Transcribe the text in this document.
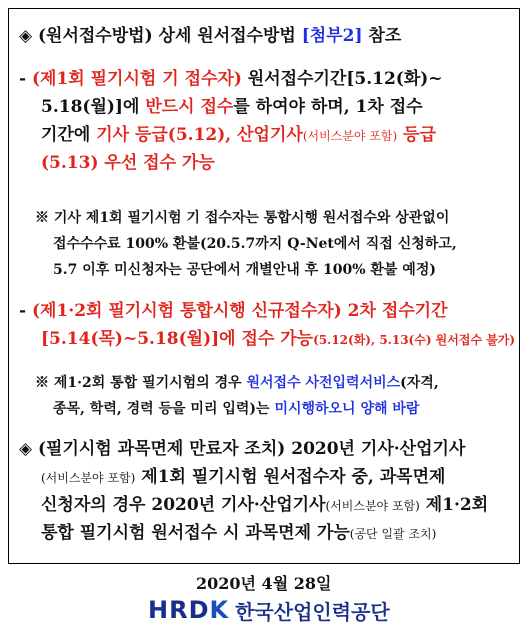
◈ (원서접수방법) 상세 원서접수방법 [첨부2] 참조
- (제1회 필기시험 기 접수자) 원서접수기간[5.12(화)~
5.18(월)]에 반드시 접수를 하여야 하며, 1차 접수
기간에 기사 등급(5.12), 산업기사(서비스분야 포함) 등급
(5.13) 우선 접수 가능
※ 기사 제1회 필기시험 기 접수자는 통합시행 원서접수와 상관없이
접수수수료 100% 환불(20.5.7까지 Q-Net에서 직접 신청하고,
5.7 이후 미신청자는 공단에서 개별안내 후 100% 환불 예정)
- (제1·2회 필기시험 통합시행 신규접수자) 2차 접수기간
[5.14(목)~5.18(월)]에 접수 가능(5.12(화), 5.13(수) 원서접수 불가)
※ 제1·2회 통합 필기시험의 경우 원서접수 사전입력서비스(자격,
종목, 학력, 경력 등을 미리 입력)는 미시행하오니 양해 바람
◈ (필기시험 과목면제 만료자 조치) 2020년 기사·산업기사
(서비스분야 포함) 제1회 필기시험 원서접수자 중, 과목면제
신청자의 경우 2020년 기사·산업기사(서비스분야 포함) 제1·2회
통합 필기시험 원서접수 시 과목면제 가능(공단 일괄 조치)
2020년 4월 28일
HRDK 한국산업인력공단
